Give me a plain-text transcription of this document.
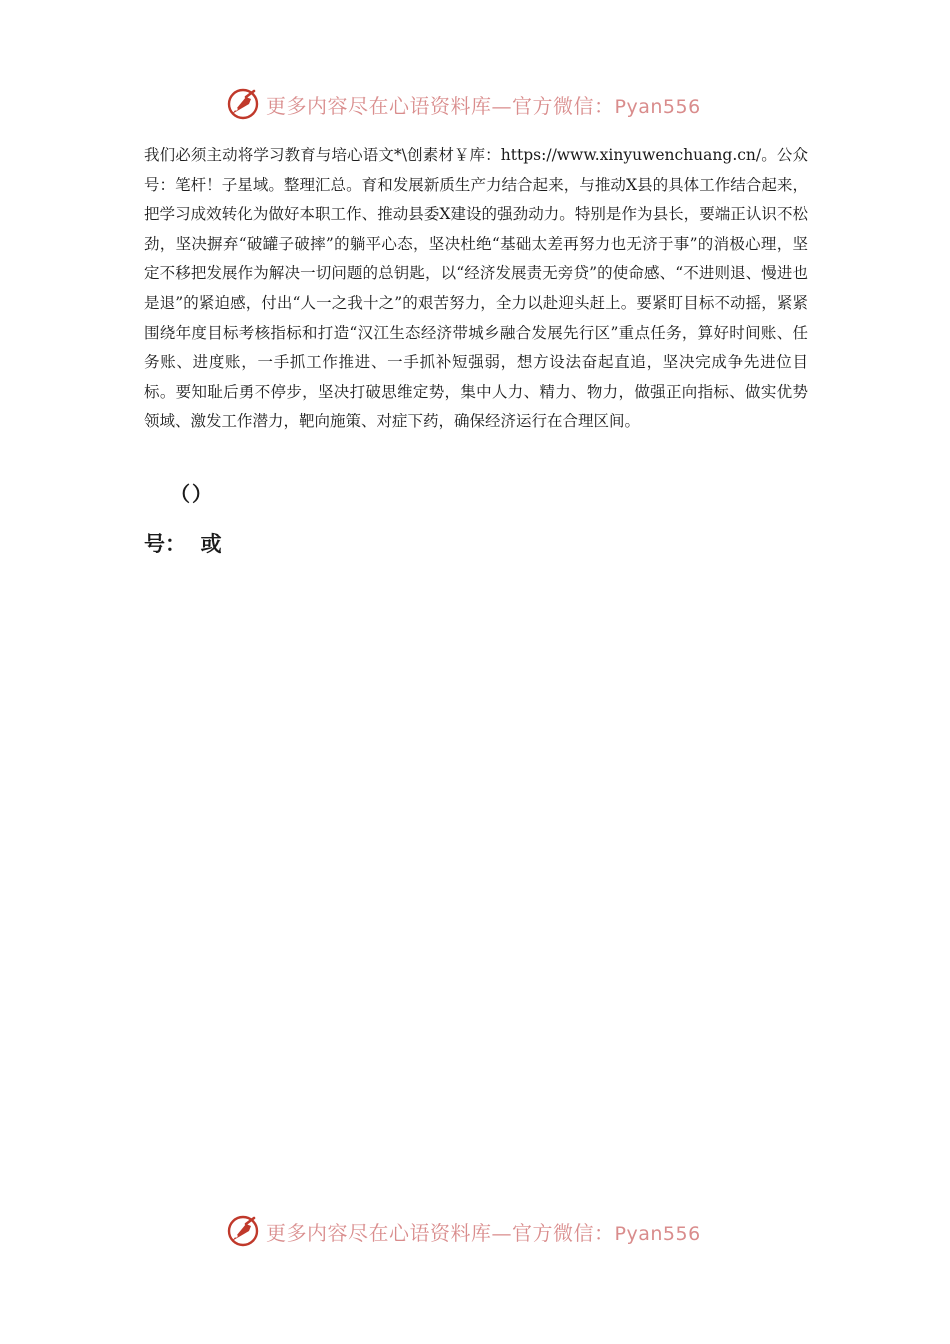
更多内容尽在心语资料库—官方微信：Pyan556
我们必须主动将学习教育与培心语文*\创素材￥库：https://www.xinyuwenchuang.cn/。公众号：笔杆！子星域。整理汇总。育和发展新质生产力结合起来，与推动X县的具体工作结合起来，把学习成效转化为做好本职工作、推动县委X建设的强劲动力。特别是作为县长，要端正认识不松劲，坚决摒弃“破罐子破摔”的躺平心态，坚决杜绝“基础太差再努力也无济于事”的消极心理，坚定不移把发展作为解决一切问题的总钥匙，以“经济发展责无旁贷”的使命感、“不进则退、慢进也是退”的紧迫感，付出“人一之我十之”的艰苦努力，全力以赴迎头赶上。要紧盯目标不动摇，紧紧围绕年度目标考核指标和打造“汉江生态经济带城乡融合发展先行区”重点任务，算好时间账、任务账、进度账，一手抓工作推进、一手抓补短强弱，想方设法奋起直追，坚决完成争先进位目标。要知耻后勇不停步，坚决打破思维定势，集中人力、精力、物力，做强正向指标、做实优势领域、激发工作潜力，靶向施策、对症下药，确保经济运行在合理区间。
（）
号：  或
更多内容尽在心语资料库—官方微信：Pyan556
